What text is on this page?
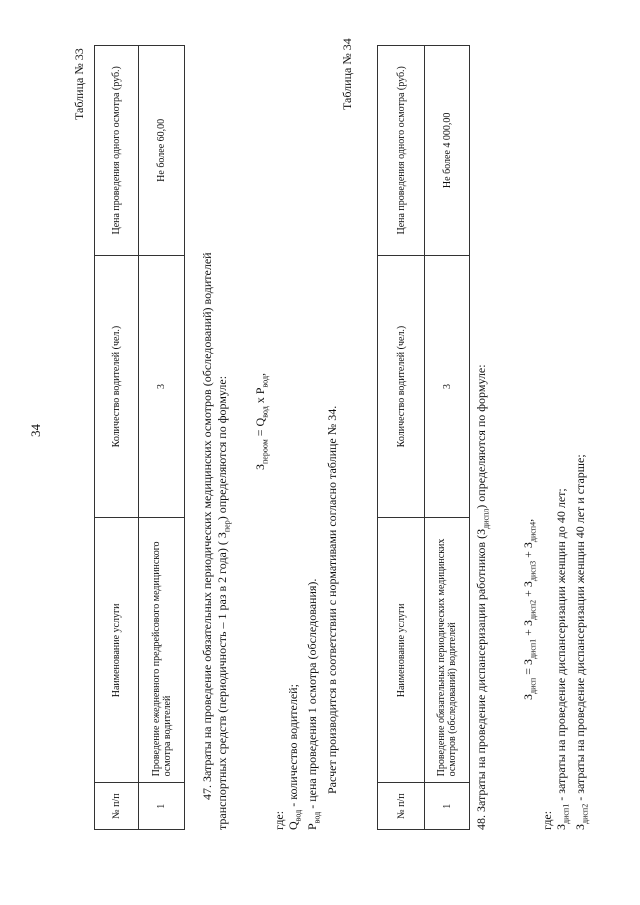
34
Таблица № 33
№ п/п	Наименование услуги	Количество водителей (чел.)	Цена проведения одного осмотра (руб.)
1	Проведение ежедневного предрейсового медицинского осмотра водителей	3	Не более 60,00
47. Затраты на проведение обязательных периодических медицинских осмотров (обследований) водителей транспортных средств (периодичность – 1 раз в 2 года) ( $З_{пер}$) определяются по формуле:	$З_{пероом} = Q_{вод}$ х $Р_{вод}$,
где: $Q_{вод}$ - количество водителей;
$Р_{вод}$ - цена проведения 1 осмотра (обследования). Расчет производится в соответствии с нормативами согласно таблице № 34.
Таблица № 34
№ п/п	Наименование услуги	Количество водителей (чел.)	Цена проведения одного осмотра (руб.)
1	Проведение обязательных периодических медицинских осмотров (обследований) водителей	3	Не более 4 000,00
48. Затраты на проведение диспансеризации работников $(З_{диспл})$ определяются по формуле:
$З_{дисп} = З_{дисп1} + З_{дисп2} + З_{дисп3} + З_{дисп4}$,
где: $З_{дисп1}$ - затраты на проведение диспансеризации женщин до 40 лет;
$З_{дисп2}$ - затраты на проведение диспансеризации женщин 40 лет и старше;
